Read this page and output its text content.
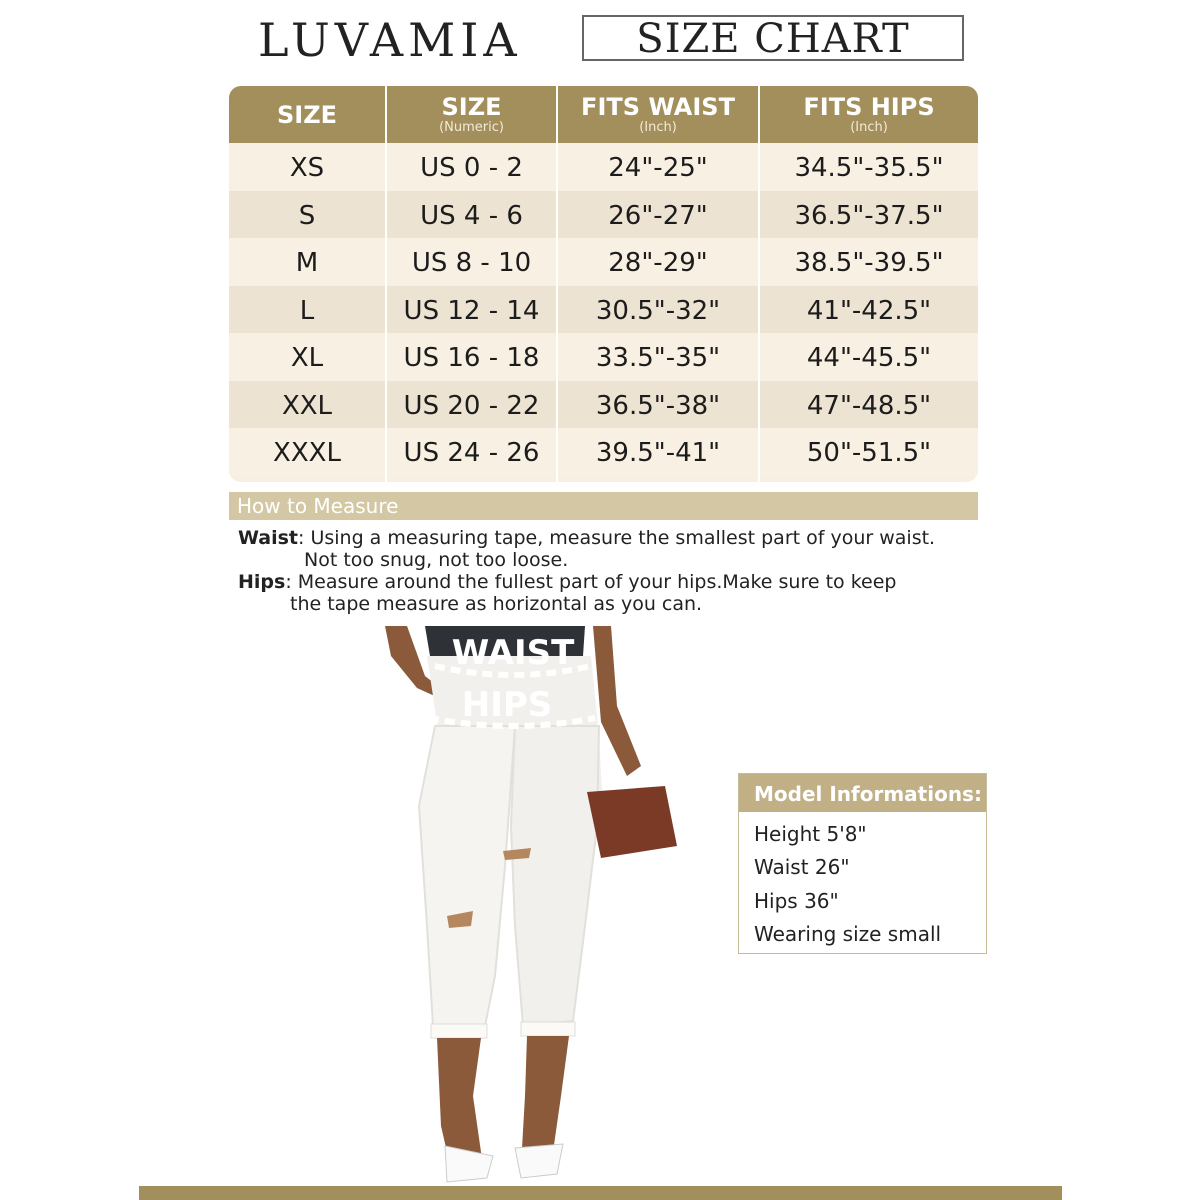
LUVAMIA	SIZE CHART
SIZE	SIZE
(Numeric)
FITS WAIST
(Inch)
FITS HIPS
(Inch)
XS	US 0 - 2	24"-25"	34.5"-35.5"
S	US 4 - 6	26"-27"	36.5"-37.5"
M	US 8 - 10	28"-29"	38.5"-39.5"
L	US 12 - 14	30.5"-32"	41"-42.5"
XL	US 16 - 18	33.5"-35"	44"-45.5"
XXL	US 20 - 22	36.5"-38"	47"-48.5"
XXXL	US 24 - 26	39.5"-41"	50"-51.5"
How to Measure
Waist: Using a measuring tape, measure the smallest part of your waist.
Not too snug, not too loose.
Hips: Measure around the fullest part of your hips.Make sure to keep
the tape measure as horizontal as you can.
WAIST
HIPS
Model Informations:
Height 5'8"
Waist 26"
Hips 36"
Wearing size small
